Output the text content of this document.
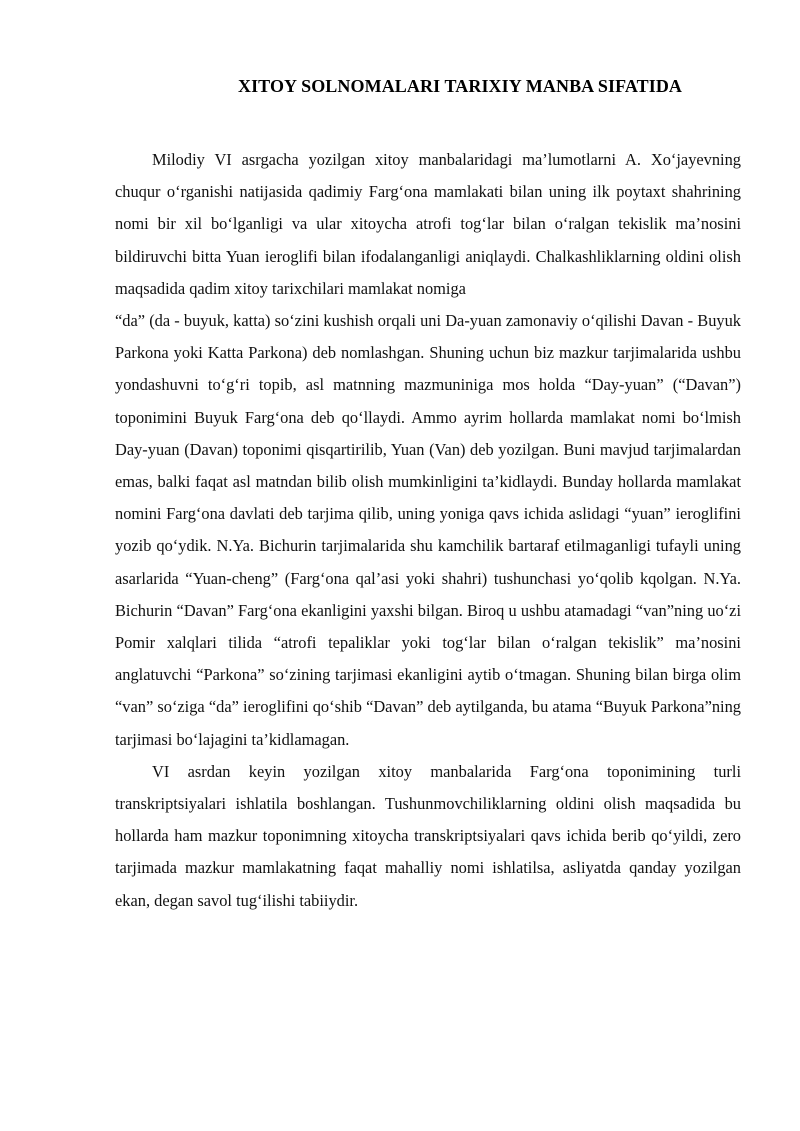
XITOY SOLNOMALARI TARIXIY MANBA SIFATIDA

Milodiy VI asrgacha yozilgan xitoy manbalaridagi ma’lumotlarni A. Xo‘jayevning chuqur o‘rganishi natijasida qadimiy Farg‘ona mamlakati bilan uning ilk poytaxt shahrining nomi bir xil bo‘lganligi va ular xitoycha atrofi tog‘lar bilan o‘ralgan tekislik ma’nosini bildiruvchi bitta Yuan ieroglifi bilan ifodalanganligi aniqlaydi. Chalkashliklarning oldini olish maqsadida qadim xitoy tarixchilari mamlakat nomiga

“da” (da - buyuk, katta) so‘zini kushish orqali uni Da-yuan zamonaviy o‘qilishi Davan - Buyuk Parkona yoki Katta Parkona) deb nomlashgan. Shuning uchun biz mazkur tarjimalarida ushbu yondashuvni to‘g‘ri topib, asl matnning mazmuniniga mos holda “Day-yuan” (“Davan”) toponimini Buyuk Farg‘ona deb qo‘llaydi. Ammo ayrim hollarda mamlakat nomi bo‘lmish Day-yuan (Davan) toponimi qisqartirilib, Yuan (Van) deb yozilgan. Buni mavjud tarjimalardan emas, balki faqat asl matndan bilib olish mumkinligini ta’kidlaydi. Bunday hollarda mamlakat nomini Farg‘ona davlati deb tarjima qilib, uning yoniga qavs ichida aslidagi “yuan” ieroglifini yozib qo‘ydik. N.Ya. Bichurin tarjimalarida shu kamchilik bartaraf etilmaganligi tufayli uning asarlarida “Yuan-cheng” (Farg‘ona qal’asi yoki shahri) tushunchasi yo‘qolib kqolgan. N.Ya. Bichurin “Davan” Farg‘ona ekanligini yaxshi bilgan. Biroq u ushbu atamadagi “van”ning uo‘zi Pomir xalqlari tilida “atrofi tepaliklar yoki tog‘lar bilan o‘ralgan tekislik” ma’nosini anglatuvchi “Parkona” so‘zining tarjimasi ekanligini aytib o‘tmagan. Shuning bilan birga olim “van” so‘ziga “da” ieroglifini qo‘shib “Davan” deb aytilganda, bu atama “Buyuk Parkona”ning tarjimasi bo‘lajagini ta’kidlamagan.

VI asrdan keyin yozilgan xitoy manbalarida Farg‘ona toponimining turli transkriptsiyalari ishlatila boshlangan. Tushunmovchiliklarning oldini olish maqsadida bu hollarda ham mazkur toponimning xitoycha transkriptsiyalari qavs ichida berib qo‘yildi, zero tarjimada mazkur mamlakatning faqat mahalliy nomi ishlatilsa, asliyatda qanday yozilgan ekan, degan savol tug‘ilishi tabiiydir.
